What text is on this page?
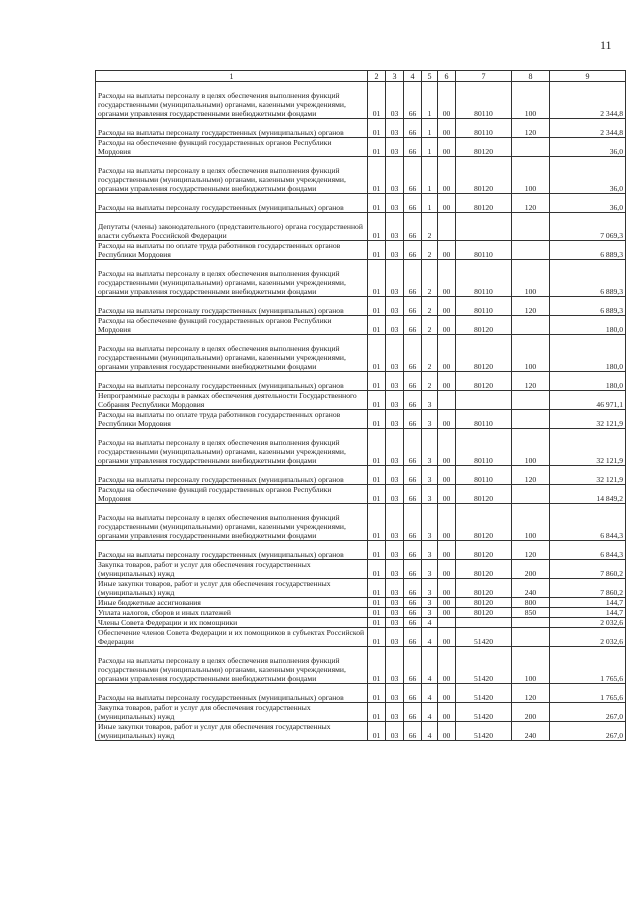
11
1	2	3	4	5	6	7	8	9
Расходы на выплаты персоналу в целях обеспечения выполнения функций государственными (муниципальными) органами, казенными учреждениями, органами управления государственными внебюджетными фондами	01	03	66	1	00	80110	100	2 344,8
Расходы на выплаты персоналу государственных (муниципальных) органов	01	03	66	1	00	80110	120	2 344,8
Расходы на обеспечение функций государственных органов Республики Мордовия	01	03	66	1	00	80120		36,0
Расходы на выплаты персоналу в целях обеспечения выполнения функций государственными (муниципальными) органами, казенными учреждениями, органами управления государственными внебюджетными фондами	01	03	66	1	00	80120	100	36,0
Расходы на выплаты персоналу государственных (муниципальных) органов	01	03	66	1	00	80120	120	36,0
Депутаты (члены) законодательного (представительного) органа государственной власти субъекта Российской Федерации	01	03	66	2				7 069,3
Расходы на выплаты по оплате труда работников государственных органов Республики Мордовия	01	03	66	2	00	80110		6 889,3
Расходы на выплаты персоналу в целях обеспечения выполнения функций государственными (муниципальными) органами, казенными учреждениями, органами управления государственными внебюджетными фондами	01	03	66	2	00	80110	100	6 889,3
Расходы на выплаты персоналу государственных (муниципальных) органов	01	03	66	2	00	80110	120	6 889,3
Расходы на обеспечение функций государственных органов Республики Мордовия	01	03	66	2	00	80120		180,0
Расходы на выплаты персоналу в целях обеспечения выполнения функций государственными (муниципальными) органами, казенными учреждениями, органами управления государственными внебюджетными фондами	01	03	66	2	00	80120	100	180,0
Расходы на выплаты персоналу государственных (муниципальных) органов	01	03	66	2	00	80120	120	180,0
Непрограммные расходы в рамках обеспечения деятельности Государственного Собрания Республики Мордовия	01	03	66	3				46 971,1
Расходы на выплаты по оплате труда работников государственных органов Республики Мордовия	01	03	66	3	00	80110		32 121,9
Расходы на выплаты персоналу в целях обеспечения выполнения функций государственными (муниципальными) органами, казенными учреждениями, органами управления государственными внебюджетными фондами	01	03	66	3	00	80110	100	32 121,9
Расходы на выплаты персоналу государственных (муниципальных) органов	01	03	66	3	00	80110	120	32 121,9
Расходы на обеспечение функций государственных органов Республики Мордовия	01	03	66	3	00	80120		14 849,2
Расходы на выплаты персоналу в целях обеспечения выполнения функций государственными (муниципальными) органами, казенными учреждениями, органами управления государственными внебюджетными фондами	01	03	66	3	00	80120	100	6 844,3
Расходы на выплаты персоналу государственных (муниципальных) органов	01	03	66	3	00	80120	120	6 844,3
Закупка товаров, работ и услуг для обеспечения государственных (муниципальных) нужд	01	03	66	3	00	80120	200	7 860,2
Иные закупки товаров, работ и услуг для обеспечения государственных (муниципальных) нужд	01	03	66	3	00	80120	240	7 860,2
Иные бюджетные ассигнования	01	03	66	3	00	80120	800	144,7
Уплата налогов, сборов и иных платежей	01	03	66	3	00	80120	850	144,7
Члены Совета Федерации и их помощники	01	03	66	4				2 032,6
Обеспечение членов Совета Федерации и их помощников в субъектах Российской Федерации	01	03	66	4	00	51420		2 032,6
Расходы на выплаты персоналу в целях обеспечения выполнения функций государственными (муниципальными) органами, казенными учреждениями, органами управления государственными внебюджетными фондами	01	03	66	4	00	51420	100	1 765,6
Расходы на выплаты персоналу государственных (муниципальных) органов	01	03	66	4	00	51420	120	1 765,6
Закупка товаров, работ и услуг для обеспечения государственных (муниципальных) нужд	01	03	66	4	00	51420	200	267,0
Иные закупки товаров, работ и услуг для обеспечения государственных (муниципальных) нужд	01	03	66	4	00	51420	240	267,0
